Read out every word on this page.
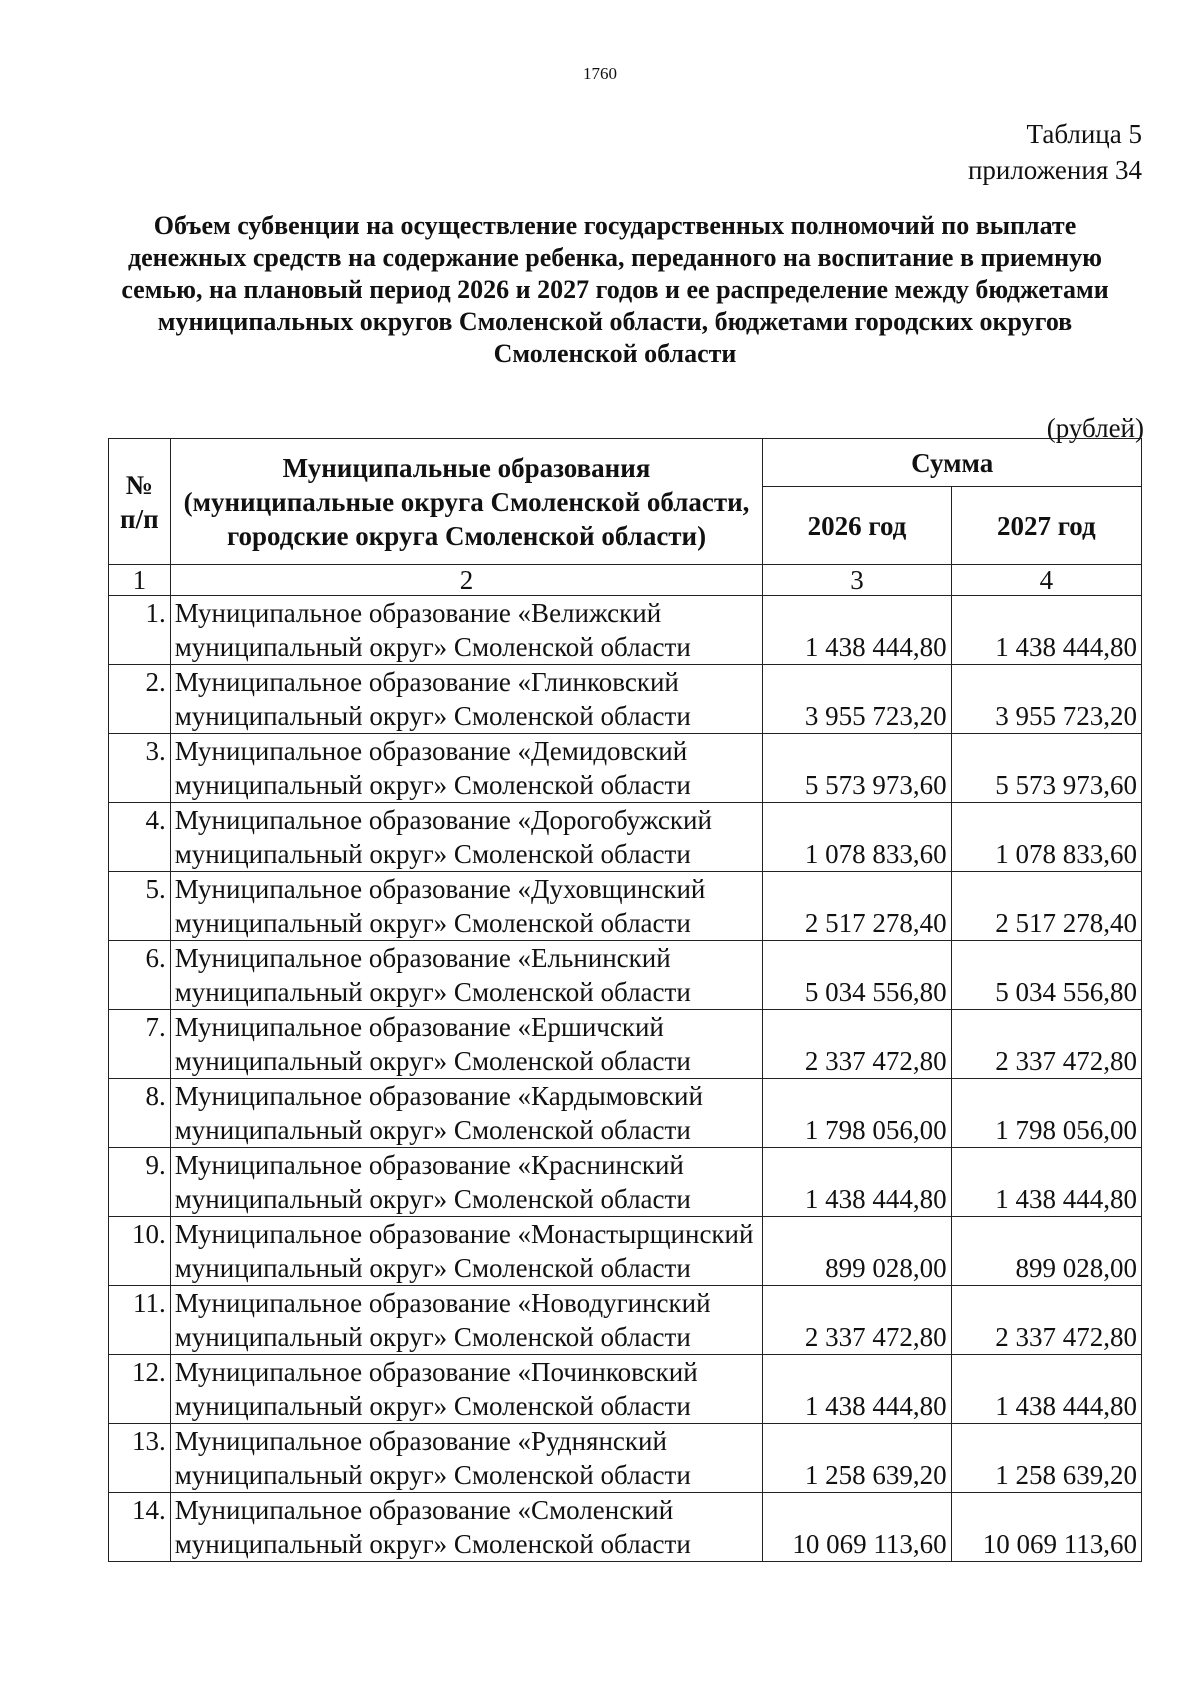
1760
Таблица 5
приложения 34
Объем субвенции на осуществление государственных полномочий по выплате денежных средств на содержание ребенка, переданного на воспитание в приемную семью, на плановый период 2026 и 2027 годов и ее распределение между бюджетами муниципальных округов Смоленской области, бюджетами городских округов Смоленской области
(рублей)
№ п/п	Муниципальные образования (муниципальные округа Смоленской области, городские округа Смоленской области)	Сумма	
		2026 год	2027 год
1	2	3	4
1.	Муниципальное образование «Велижский муниципальный округ» Смоленской области	1 438 444,80	1 438 444,80
2.	Муниципальное образование «Глинковский муниципальный округ» Смоленской области	3 955 723,20	3 955 723,20
3.	Муниципальное образование «Демидовский муниципальный округ» Смоленской области	5 573 973,60	5 573 973,60
4.	Муниципальное образование «Дорогобужский муниципальный округ» Смоленской области	1 078 833,60	1 078 833,60
5.	Муниципальное образование «Духовщинский муниципальный округ» Смоленской области	2 517 278,40	2 517 278,40
6.	Муниципальное образование «Ельнинский муниципальный округ» Смоленской области	5 034 556,80	5 034 556,80
7.	Муниципальное образование «Ершичский муниципальный округ» Смоленской области	2 337 472,80	2 337 472,80
8.	Муниципальное образование «Кардымовский муниципальный округ» Смоленской области	1 798 056,00	1 798 056,00
9.	Муниципальное образование «Краснинский муниципальный округ» Смоленской области	1 438 444,80	1 438 444,80
10.	Муниципальное образование «Монастырщинский муниципальный округ» Смоленской области	899 028,00	899 028,00
11.	Муниципальное образование «Новодугинский муниципальный округ» Смоленской области	2 337 472,80	2 337 472,80
12.	Муниципальное образование «Починковский муниципальный округ» Смоленской области	1 438 444,80	1 438 444,80
13.	Муниципальное образование «Руднянский муниципальный округ» Смоленской области	1 258 639,20	1 258 639,20
14.	Муниципальное образование «Смоленский муниципальный округ» Смоленской области	10 069 113,60	10 069 113,60
